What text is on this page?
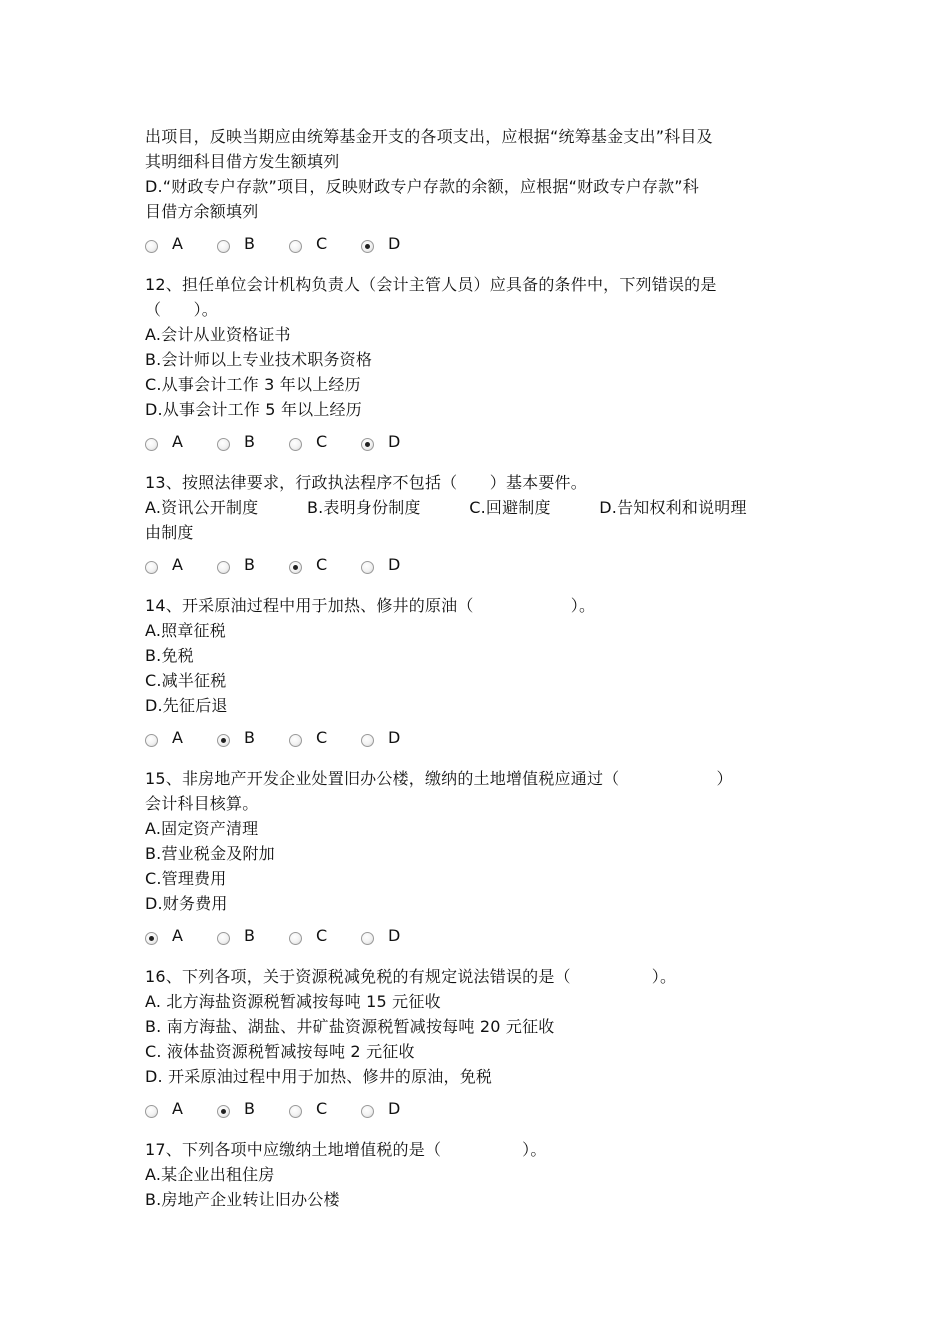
出项目，反映当期应由统筹基金开支的各项支出，应根据“统筹基金支出”科目及
其明细科目借方发生额填列
D.“财政专户存款”项目，反映财政专户存款的余额，应根据“财政专户存款”科
目借方余额填列
A	B	C	D
12、担任单位会计机构负责人（会计主管人员）应具备的条件中，下列错误的是
（　　）。
A.会计从业资格证书
B.会计师以上专业技术职务资格
C.从事会计工作 3 年以上经历
D.从事会计工作 5 年以上经历
A	B	C	D
13、按照法律要求，行政执法程序不包括（　　）基本要件。
A.资讯公开制度　　　B.表明身份制度　　　C.回避制度　　　D.告知权利和说明理
由制度
A	B	C	D
14、开采原油过程中用于加热、修井的原油（　　　　　　）。
A.照章征税
B.免税
C.减半征税
D.先征后退
A	B	C	D
15、非房地产开发企业处置旧办公楼，缴纳的土地增值税应通过（　　　　　　）
会计科目核算。
A.固定资产清理
B.营业税金及附加
C.管理费用
D.财务费用
A	B	C	D
16、下列各项，关于资源税减免税的有规定说法错误的是（　　　　　）。
A. 北方海盐资源税暂减按每吨 15 元征收
B. 南方海盐、湖盐、井矿盐资源税暂减按每吨 20 元征收
C. 液体盐资源税暂减按每吨 2 元征收
D. 开采原油过程中用于加热、修井的原油，免税
A	B	C	D
17、下列各项中应缴纳土地增值税的是（　　　　　）。
A.某企业出租住房
B.房地产企业转让旧办公楼
